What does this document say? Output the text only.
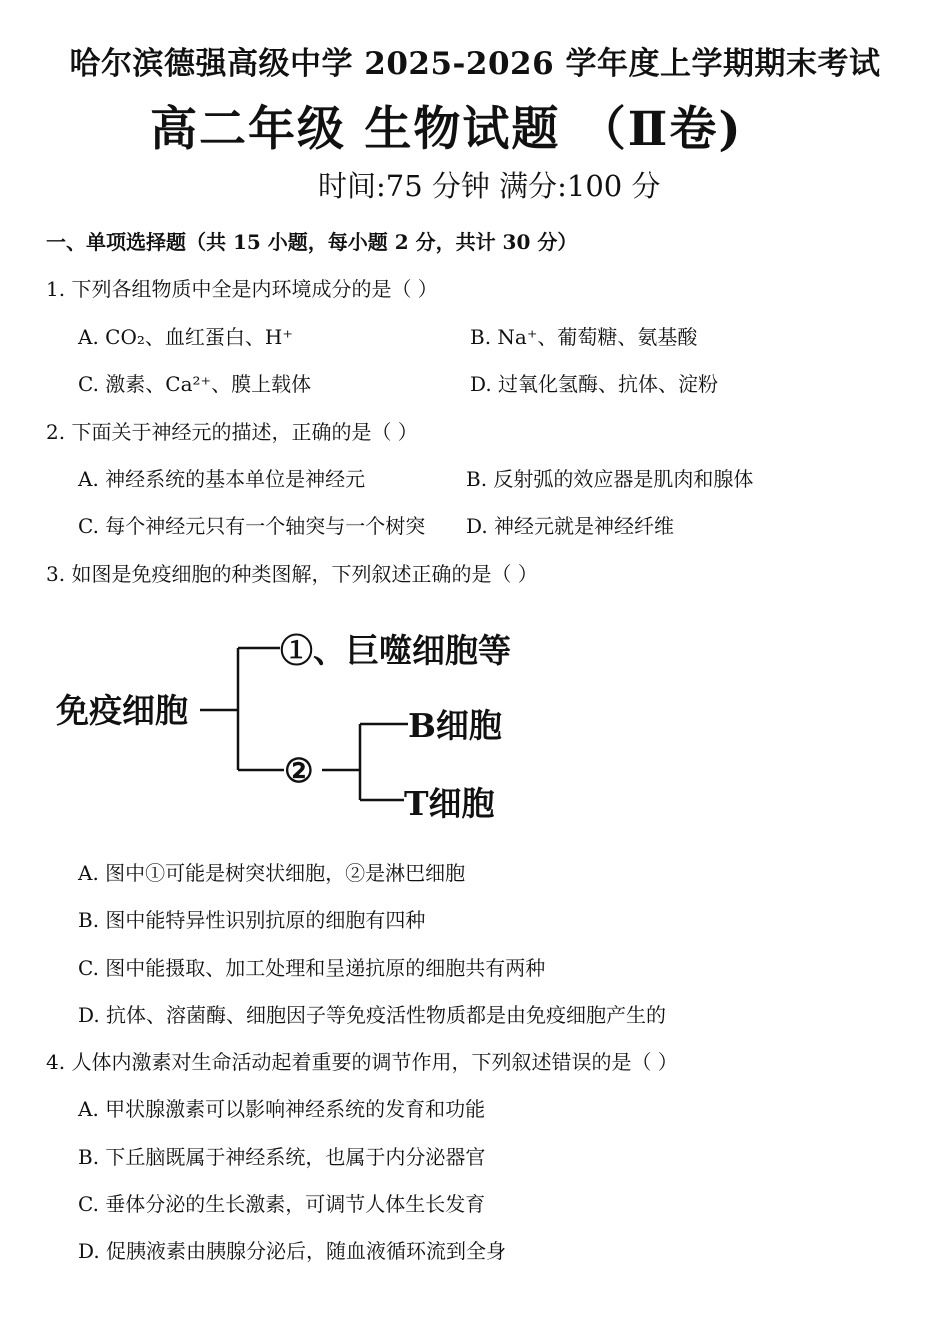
哈尔滨德强高级中学 2025-2026 学年度上学期期末考试
高二年级 生物试题 （Ⅱ卷)
时间:75 分钟 满分:100 分
一、单项选择题（共 15 小题，每小题 2 分，共计 30 分）
1. 下列各组物质中全是内环境成分的是（ ）
A. CO₂、血红蛋白、H⁺	B. Na⁺、葡萄糖、氨基酸
C. 激素、Ca²⁺、膜上载体	D. 过氧化氢酶、抗体、淀粉
2. 下面关于神经元的描述，正确的是（ ）
A. 神经系统的基本单位是神经元	B. 反射弧的效应器是肌肉和腺体
C. 每个神经元只有一个轴突与一个树突 D. 神经元就是神经纤维
3. 如图是免疫细胞的种类图解，下列叙述正确的是（ ）
免疫细胞
①、巨噬细胞等
②
B细胞
T细胞
A. 图中①可能是树突状细胞，②是淋巴细胞
B. 图中能特异性识别抗原的细胞有四种
C. 图中能摄取、加工处理和呈递抗原的细胞共有两种
D. 抗体、溶菌酶、细胞因子等免疫活性物质都是由免疫细胞产生的
4. 人体内激素对生命活动起着重要的调节作用，下列叙述错误的是（ ）
A. 甲状腺激素可以影响神经系统的发育和功能
B. 下丘脑既属于神经系统，也属于内分泌器官
C. 垂体分泌的生长激素，可调节人体生长发育
D. 促胰液素由胰腺分泌后，随血液循环流到全身
